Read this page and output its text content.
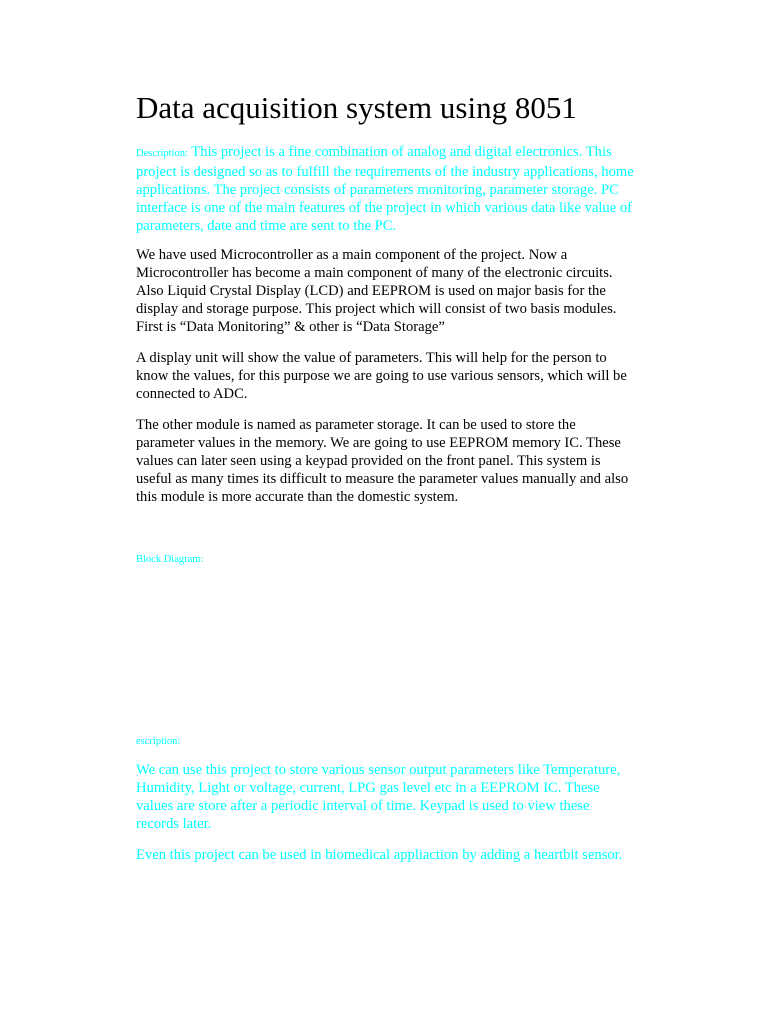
Data acquisition system using 8051

Description: This project is a fine combination of analog and digital electronics. This project is designed so as to fulfill the requirements of the industry applications, home applications. The project consists of parameters monitoring, parameter storage. PC interface is one of the main features of the project in which various data like value of parameters, date and time are sent to the PC.

We have used Microcontroller as a main component of the project. Now a Microcontroller has become a main component of many of the electronic circuits. Also Liquid Crystal Display (LCD) and EEPROM is used on major basis for the display and storage purpose. This project which will consist of two basis modules. First is “Data Monitoring” & other is “Data Storage”

A display unit will show the value of parameters. This will help for the person to know the values, for this purpose we are going to use various sensors, which will be connected to ADC.

The other module is named as parameter storage. It can be used to store the parameter values in the memory. We are going to use EEPROM memory IC. These values can later seen using a keypad provided on the front panel. This system is useful as many times its difficult to measure the parameter values manually and also this module is more accurate than the domestic system.

Block Diagram:
escription:

We can use this project to store various sensor output parameters like Temperature, Humidity, Light or voltage, current, LPG gas level etc in a EEPROM IC. These values are store after a periodic interval of time. Keypad is used to view these records later.

Even this project can be used in biomedical appliaction by adding a heartbit sensor.
